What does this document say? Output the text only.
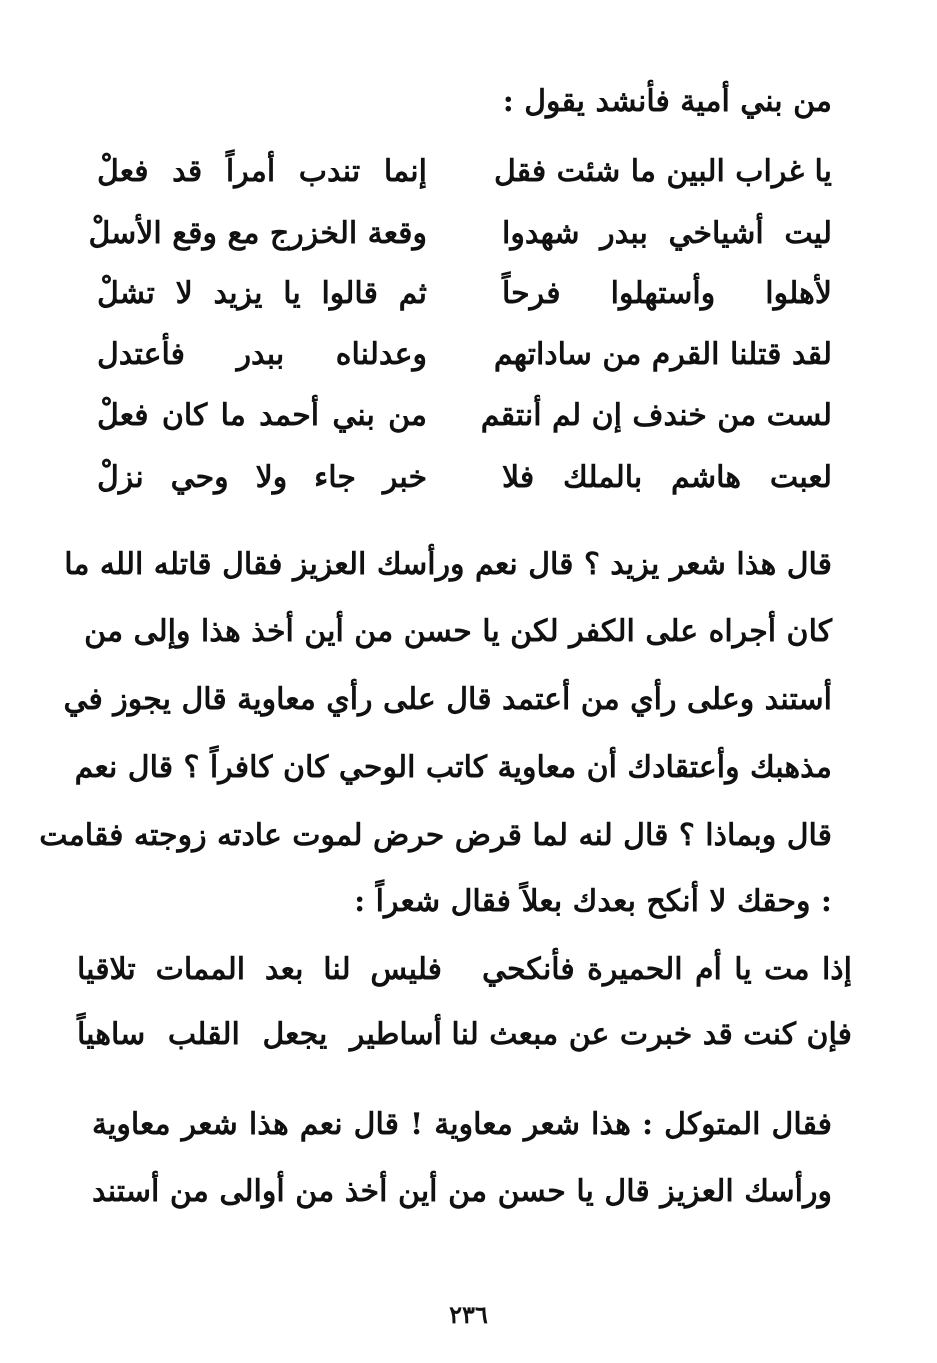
من بني أمية فأنشد يقول :
يا غراب البين ما شئت فقل
إنما تندب أمراً قد فعلْ
ليت أشياخي ببدر شهدوا
وقعة الخزرج مع وقع الأسلْ
لأهلوا وأستهلوا فرحاً
ثم قالوا يا يزيد لا تشلْ
لقد قتلنا القرم من ساداتهم
وعدلناه ببدر فأعتدل
لست من خندف إن لم أنتقم
من بني أحمد ما كان فعلْ
لعبت هاشم بالملك فلا
خبر جاء ولا وحي نزلْ
قال هذا شعر يزيد ؟ قال نعم ورأسك العزيز فقال قاتله الله ما
كان أجراه على الكفر لكن يا حسن من أين أخذ هذا وإلى من
أستند وعلى رأي من أعتمد قال على رأي معاوية قال يجوز في
مذهبك وأعتقادك أن معاوية كاتب الوحي كان كافراً ؟ قال نعم
قال وبماذا ؟ قال لنه لما قرض حرض لموت عادته زوجته فقامت
: وحقك لا أنكح بعدك بعلاً فقال شعراً :
إذا مت يا أم الحميرة فأنكحي
فليس لنا بعد الممات تلاقيا
فإن كنت قد خبرت عن مبعث لنا
أساطير يجعل القلب ساهياً
فقال المتوكل : هذا شعر معاوية ! قال نعم هذا شعر معاوية
ورأسك العزيز قال يا حسن من أين أخذ من أوالى من أستند
٢٣٦
